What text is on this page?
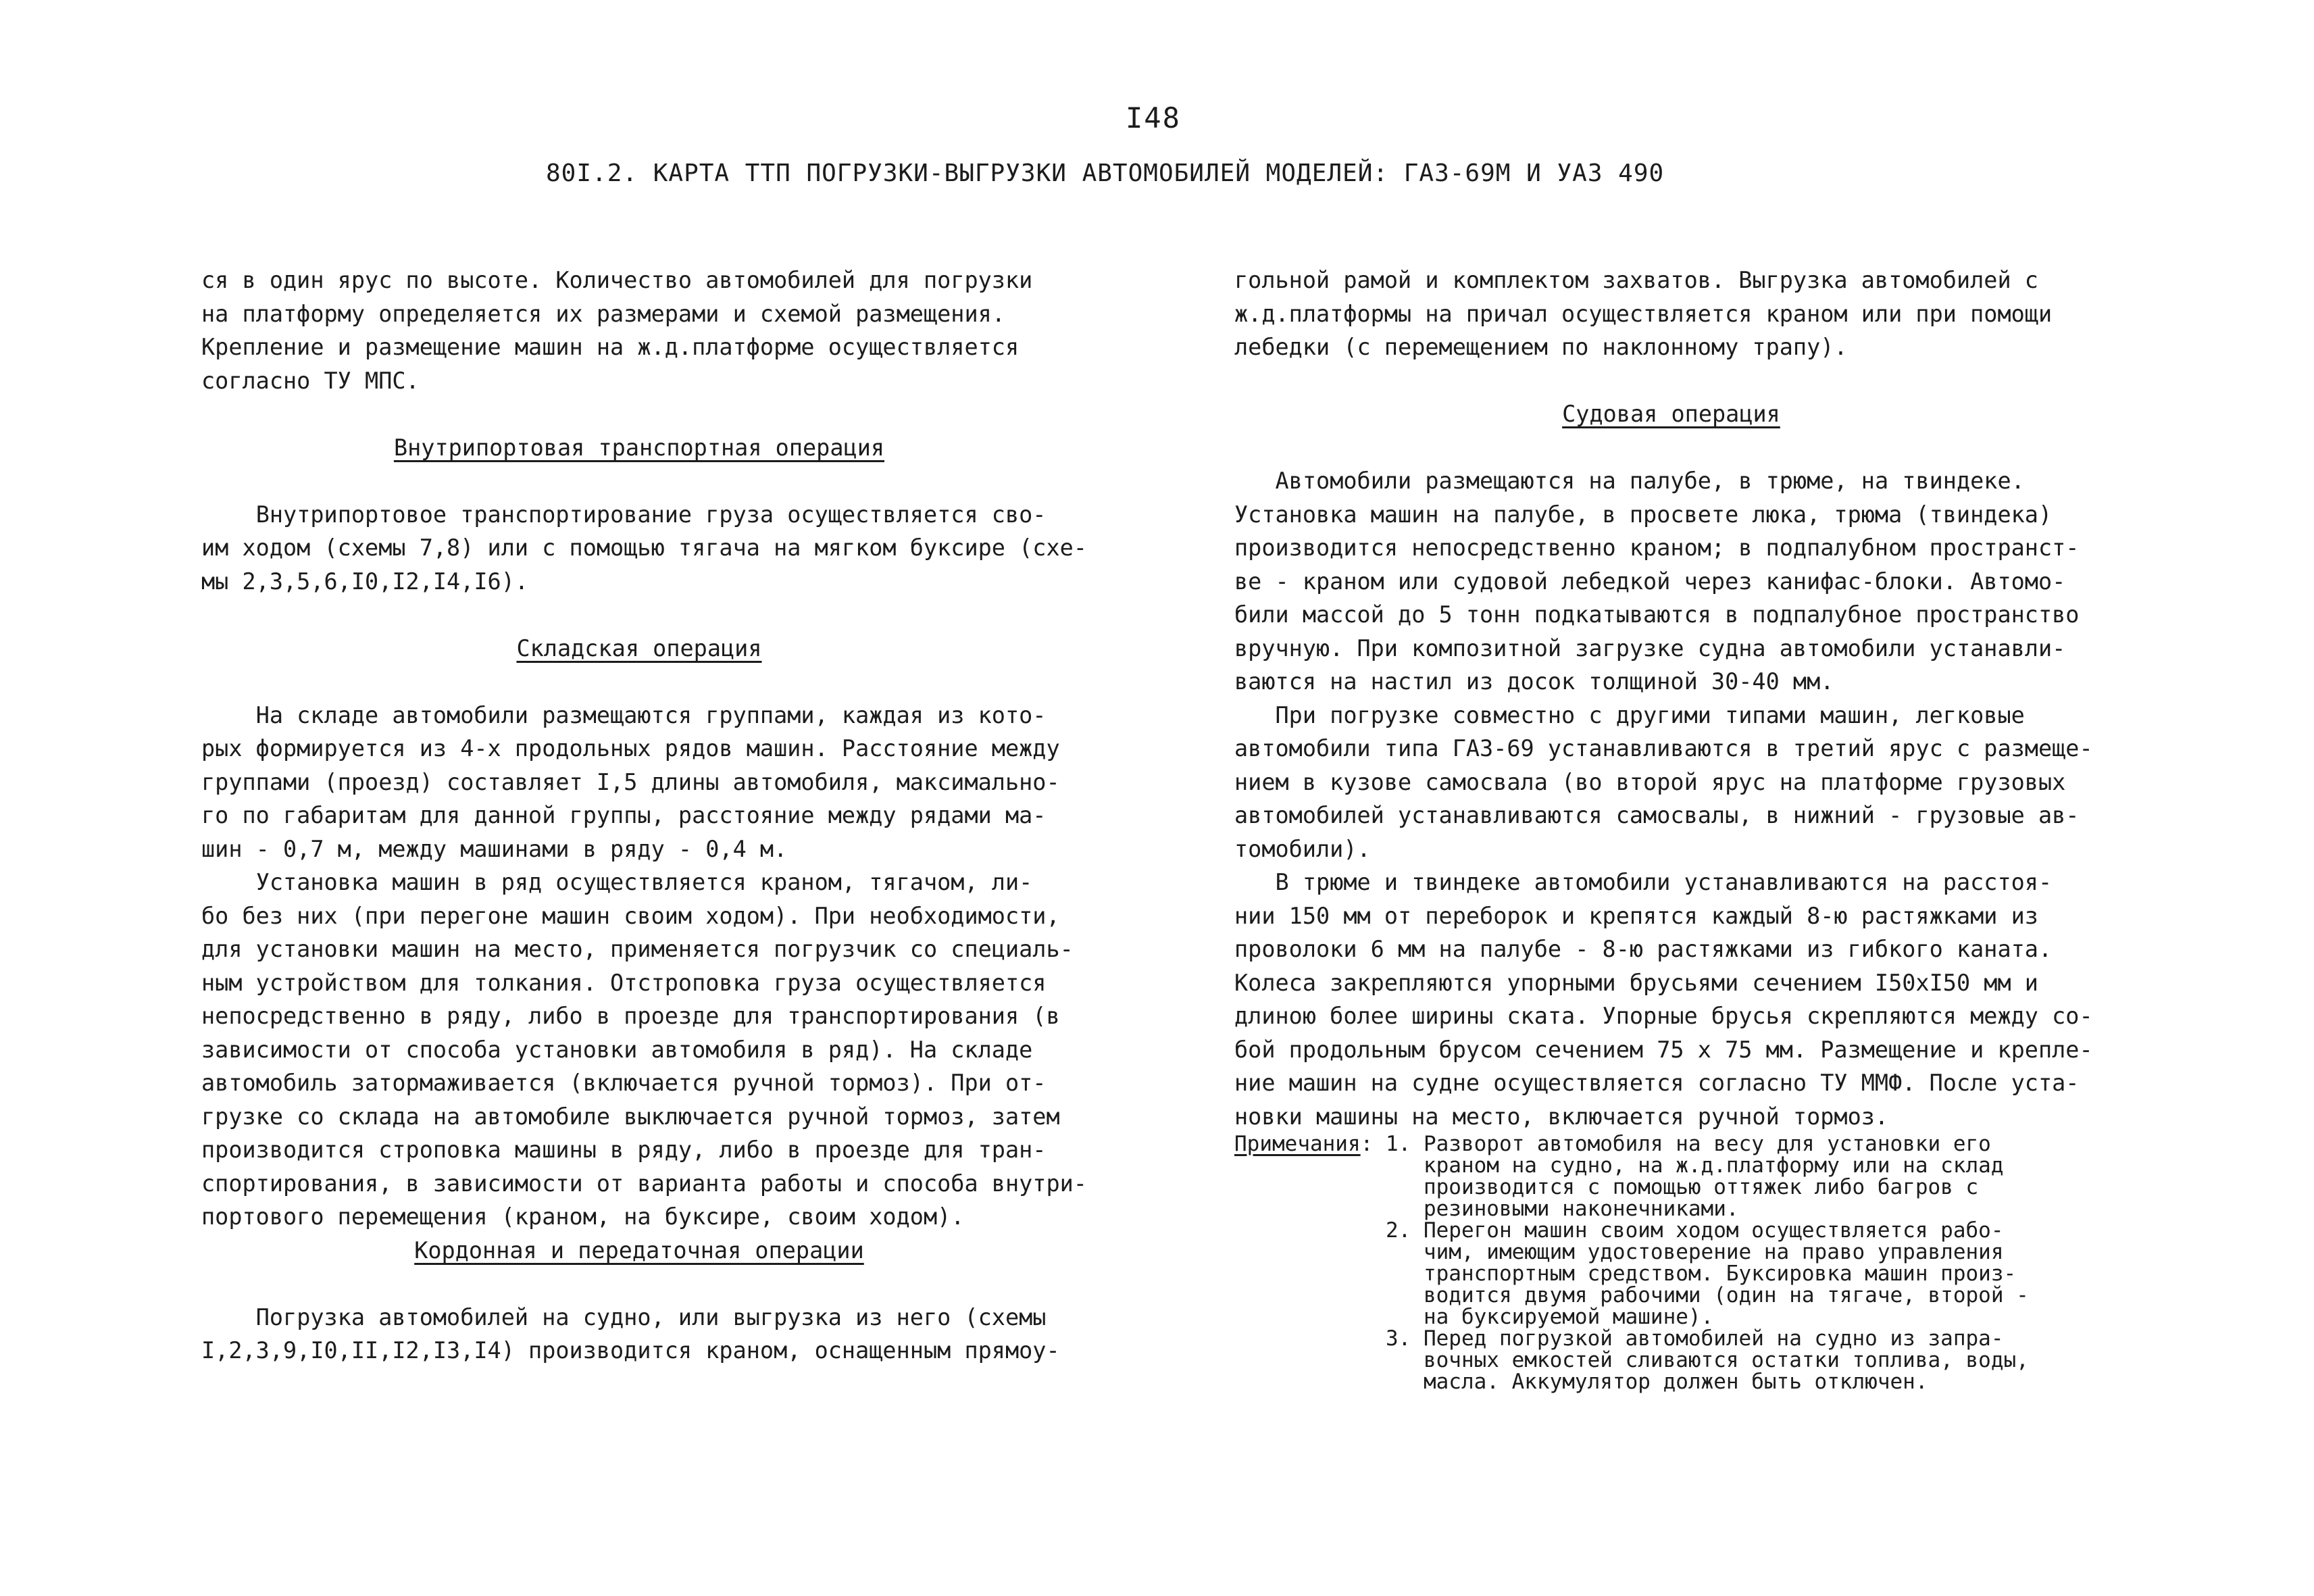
I48
80I.2. КАРТА ТТП ПОГРУЗКИ-ВЫГРУЗКИ АВТОМОБИЛЕЙ МОДЕЛЕЙ: ГАЗ-69М И УАЗ 490
ся в один ярус по высоте. Количество автомобилей для погрузки
на платформу определяется их размерами и схемой размещения.
Крепление и размещение машин на ж.д.платформе осуществляется
согласно ТУ МПС.
Внутрипортовая транспортная операция
Внутрипортовое транспортирование груза осуществляется сво-
им ходом (схемы 7,8) или с помощью тягача на мягком буксире (схе-
мы 2,3,5,6,I0,I2,I4,I6).
Складская операция
На складе автомобили размещаются группами, каждая из кото-
рых формируется из 4-х продольных рядов машин. Расстояние между
группами (проезд) составляет I,5 длины автомобиля, максимально-
го по габаритам для данной группы, расстояние между рядами ма-
шин - 0,7 м, между машинами в ряду - 0,4 м.
Установка машин в ряд осуществляется краном, тягачом, ли-
бо без них (при перегоне машин своим ходом). При необходимости,
для установки машин на место, применяется погрузчик со специаль-
ным устройством для толкания. Отстроповка груза осуществляется
непосредственно в ряду, либо в проезде для транспортирования (в
зависимости от способа установки автомобиля в ряд). На складе
автомобиль затормаживается (включается ручной тормоз). При от-
грузке со склада на автомобиле выключается ручной тормоз, затем
производится строповка машины в ряду, либо в проезде для тран-
спортирования, в зависимости от варианта работы и способа внутри-
портового перемещения (краном, на буксире, своим ходом).
Кордонная и передаточная операции
Погрузка автомобилей на судно, или выгрузка из него (схемы
I,2,3,9,I0,II,I2,I3,I4) производится краном, оснащенным прямоу-
гольной рамой и комплектом захватов. Выгрузка автомобилей с
ж.д.платформы на причал осуществляется краном или при помощи
лебедки (с перемещением по наклонному трапу).
Судовая операция
Автомобили размещаются на палубе, в трюме, на твиндеке.
Установка машин на палубе, в просвете люка, трюма (твиндека)
производится непосредственно краном; в подпалубном пространст-
ве - краном или судовой лебедкой через канифас-блоки. Автомо-
били массой до 5 тонн подкатываются в подпалубное пространство
вручную. При композитной загрузке судна автомобили устанавли-
ваются на настил из досок толщиной 30-40 мм.
При погрузке совместно с другими типами машин, легковые
автомобили типа ГАЗ-69 устанавливаются в третий ярус с размеще-
нием в кузове самосвала (во второй ярус на платформе грузовых
автомобилей устанавливаются самосвалы, в нижний - грузовые ав-
томобили).
В трюме и твиндеке автомобили устанавливаются на расстоя-
нии 150 мм от переборок и крепятся каждый 8-ю растяжками из
проволоки 6 мм на палубе - 8-ю растяжками из гибкого каната.
Колеса закрепляются упорными брусьями сечением I50хI50 мм и
длиною более ширины ската. Упорные брусья скрепляются между со-
бой продольным брусом сечением 75 х 75 мм. Размещение и крепле-
ние машин на судне осуществляется согласно ТУ ММФ. После уста-
новки машины на место, включается ручной тормоз.
Примечания: 1. Разворот автомобиля на весу для установки его
краном на судно, на ж.д.платформу или на склад
производится с помощью оттяжек либо багров с
резиновыми наконечниками.
2. Перегон машин своим ходом осуществляется рабо-
чим, имеющим удостоверение на право управления
транспортным средством. Буксировка машин произ-
водится двумя рабочими (один на тягаче, второй -
на буксируемой машине).
3. Перед погрузкой автомобилей на судно из запра-
вочных емкостей сливаются остатки топлива, воды,
масла. Аккумулятор должен быть отключен.
